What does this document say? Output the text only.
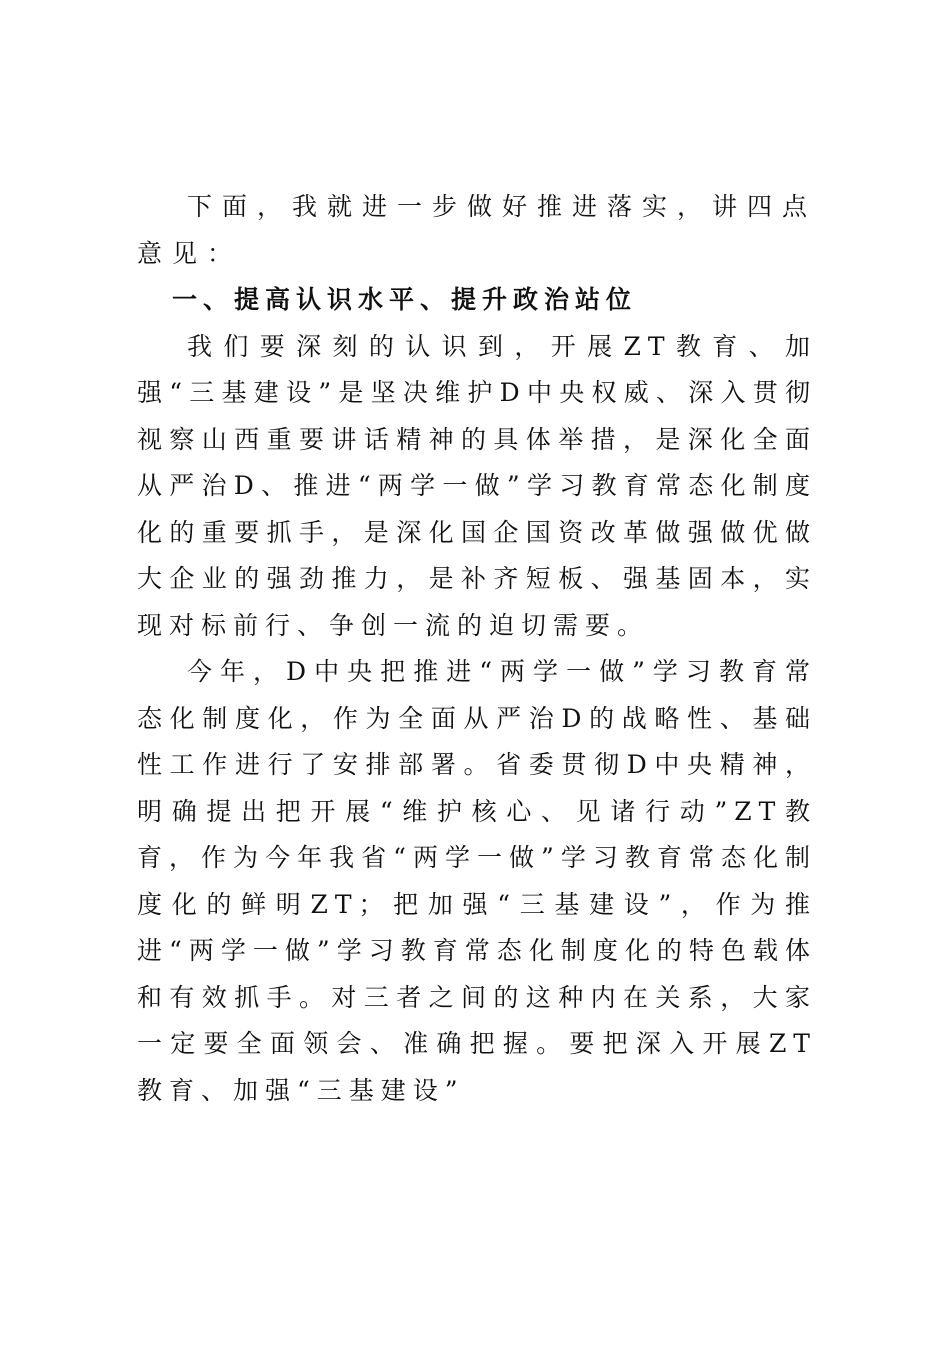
下面，我就进一步做好推进落实，讲四点意见：

一、提高认识水平、提升政治站位

我们要深刻的认识到，开展ZT教育、加强“三基建设”是坚决维护D中央权威、深入贯彻视察山西重要讲话精神的具体举措，是深化全面从严治D、推进“两学一做”学习教育常态化制度化的重要抓手，是深化国企国资改革做强做优做大企业的强劲推力，是补齐短板、强基固本，实现对标前行、争创一流的迫切需要。

今年，D中央把推进“两学一做”学习教育常态化制度化，作为全面从严治D的战略性、基础性工作进行了安排部署。省委贯彻D中央精神，明确提出把开展“维护核心、见诸行动”ZT教育，作为今年我省“两学一做”学习教育常态化制度化的鲜明ZT；把加强“三基建设”，作为推进“两学一做”学习教育常态化制度化的特色载体和有效抓手。对三者之间的这种内在关系，大家一定要全面领会、准确把握。要把深入开展ZT教育、加强“三基建设”
